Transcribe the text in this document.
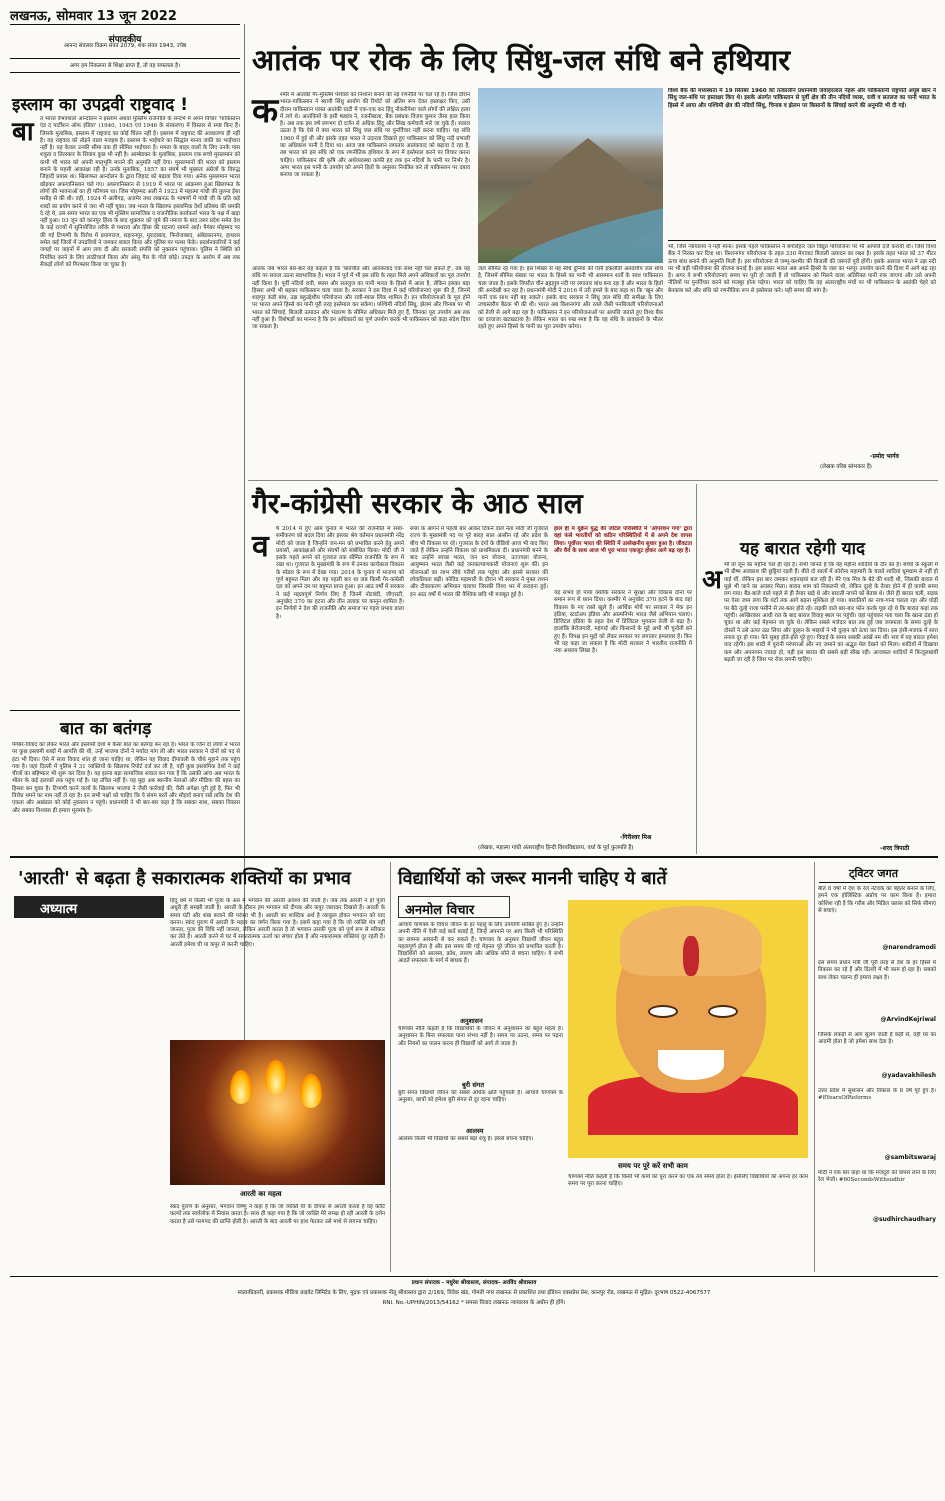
लखनऊ, सोमवार 13 जून 2022
संपादकीय
आनन्द संवत्सर विक्रम संवत 2079, शक संवत 1943, ज्येष्ठ
अगर हम निकलना से शिक्षा प्राप्त हैं, तो वह सफलता है।
इस्लाम का उपद्रवी राष्ट्रवाद !
बा त भारत वैभवशाल आन्दोलन ने इस्लाम अथवा मुस्लिम राजनीति के सन्दर्भ में अपने विचार 'पाकिस्तान एंड द पार्टीशन ऑफ इंडिया' (1940, 1945 एवं 1946 के संस्करण) में विस्तार से स्पष्ट किए हैं। जिसके मुताबिक, इस्लाम में राष्ट्रवाद का कोई चिंतन नहीं है। इस्लाम में राष्ट्रवाद की अवधारणा ही नहीं है। यह राष्ट्रवाद को तोड़ने वाला मजहब है। इस्लाम के भाईचारे का सिद्धांत मानव जाति का भाईचारा नहीं है। यह केवल उनकी सीमा तक ही सीमित भाईचारा है। ममता के बाहर वालों के लिए उनके पास शत्रुता व तिरस्कार के सिवाय कुछ भी नहीं है। आम्बेडकर के मुताबिक, इस्लाम एक सच्चे मुसलमान को कभी भी भारत को अपनी मातृभूमि मानने की अनुमति नहीं देगा। मुसलमानों की भारत को इस्लाम बनाने के महत्ती आकांक्षा रही है। उनके मुताबिक, 1857 का संघर्ष भी मुख्यतः अंग्रेजों के विरुद्ध जिहादी प्रयास था। खिलाफत आन्दोलन के द्वारा जिहाद को बढ़ावा दिया गया। अनेक मुसलमान भारत छोड़कर अफगानिस्तान चले गए। अफगानिस्तान से 1919 में भारत पर आक्रमण हुआ खिलाफत के लोगों की भावनाओं का ही परिणाम था। जिस मोहम्मद अली ने 1923 में महात्मा गांधी की तुलना ईसा मसीह से की थी। वही, 1924 में अलीगढ़, अजमेर तथा लखनऊ के भाषणों में गांधी जी के प्रति कड़े शब्दों का प्रयोग करने से जरा भी नहीं चूका। जब भारत के खिलाफ इस्लामिक देशों प्रतिबंध की धमकी दे रहे थे, उस समय भारत का एक भी मुस्लिम सामाजिक व राजनीतिक कार्यकर्ता भारत के पक्ष में खड़ा नहीं हुआ। 03 जून को कानपुर हिंसा के बाद शुक्रवार को जुमे की नमाज के बाद उत्तर प्रदेश समेत देश के कई राज्यों में सुनियोजित तरीके से पथराव और हिंसा की घटनाएं सामने आईं। पैगंबर मोहम्मद पर की गई टिप्पणी के विरोध में प्रयागराज, सहारनपुर, मुरादाबाद, फिरोजाबाद, अंबेडकरनगर, हाथरस समेत कई जिलों में उपद्रवियों ने जमकर बवाल किया और पुलिस पर पत्थर फेंके। प्रदर्शनकारियों ने कई जगहों पर वाहनों में आग लगा दी और सरकारी संपत्ति को नुकसान पहुंचाया। पुलिस ने स्थिति को नियंत्रित करने के लिए लाठीचार्ज किया और आंसू गैस के गोले छोड़े। उपद्रव के आरोप में अब तक सैकड़ों लोगों को गिरफ्तार किया जा चुका है।
बात का बतंगड़
पैगंबर-विवाद को लेकर भारत और इस्लामी देशों में कैसा बात का बतंगड़ बन रहा है। भारत के जिन दो लोगों ने भारत पर कुछ इस्लामी शब्दों में आपत्ति की थी, उन्हें भाजपा दोनों ने मर्यादा मांग ली और भारत सरकार ने दोनों को पद से हटा भी दिया। ऐसे में सारा विवाद शांत हो जाना चाहिए था, लेकिन यह विवाद दीपावली के चौथे मुहाने तक पहुंच गया है। जहां दिल्ली में पुलिस ने 31 व्यक्तियों के खिलाफ रिपोर्ट दर्ज कर ली है, वहीं कुछ इस्लामिक देशों ने कई चीजों का बहिष्कार भी शुरू कर दिया है। यह इतना बड़ा सामाजिक सवाल बन गया है कि उसकी आंच अब भारत के भीतर के कई इलाकों तक पहुंच गई है। यह उचित नहीं है। यह मुद्दा अब स्थानीय नेताओं और मीडिया की बहस का हिस्सा बन चुका है। टिप्पणी करने वालों के खिलाफ भाजपा ने जैसी कार्रवाई की, वैसी अपेक्षा पूरी हुई है, फिर भी विरोध थमने का नाम नहीं ले रहा है। इन सभी पक्षों को चाहिए कि वे संयम बरतें और सौहार्द बनाए रखें ताकि देश की एकता और अखंडता को कोई नुकसान न पहुंचे। प्रधानमंत्री ने भी बार-बार कहा है कि सबका साथ, सबका विकास और सबका विश्वास ही हमारा मूलमंत्र है।
आतंक पर रोक के लिए सिंधु-जल संधि बने हथियार
क श्मीर में आतंकी गैर-मुस्लिम पेशेवरों को निशाना बनाने की नई रणनीति पर चल रहे हैं। जिस दौरान भारत-पाकिस्तान ने स्थायी सिंधु आयोग की रिपोर्ट को अंतिम रूप देकर हस्ताक्षर किए, उसी दौरान पाकिस्तान परस्त आतंकी घाटी में एक-एक कर हिंदू नौकरीपेशा वाले लोगों की लक्षित हत्या में लगे थे। आतंकियों के इसी षड्यंत्र ने, रजनीबाला, बैंक प्रबंधक विजय कुमार जैसा हाल किया है। अब तक इस वर्ष लगभग दो दर्जन से अधिक हिंदू और सिख कर्मचारी मारे जा चुके हैं। सवाल उठता है कि ऐसे में क्या भारत को सिंधु जल संधि पर पुनर्विचार नहीं करना चाहिए। यह संधि 1960 में हुई थी और इसके तहत भारत ने उदारता दिखाते हुए पाकिस्तान को सिंधु नदी प्रणाली का अधिकांश पानी दे दिया था। आज जब पाकिस्तान लगातार आतंकवाद को बढ़ावा दे रहा है, तब भारत को इस संधि को एक रणनीतिक हथियार के रूप में इस्तेमाल करने पर विचार करना चाहिए। पाकिस्तान की कृषि और अर्थव्यवस्था काफी हद तक इन नदियों के पानी पर निर्भर है। अगर भारत इस पानी के उपयोग को अपने हितों के अनुसार नियंत्रित करे तो पाकिस्तान पर दबाव बनाया जा सकता है।
आतंक जब भारत बार-बार यह कहता है कि 'बातचीत और आतंकवाद एक साथ नहीं चल सकते हैं', तब यह संधि पर सवाल उठना स्वाभाविक है। भारत ने पूर्व में भी इस संधि के तहत मिले अपने अधिकारों का पूरा उपयोग नहीं किया है। पूर्वी नदियों रावी, ब्यास और सतलुज का पानी भारत के हिस्से में आता है, लेकिन इसका बड़ा हिस्सा अभी भी बहकर पाकिस्तान चला जाता है। सरकार ने इस दिशा में कई परियोजनाएं शुरू की हैं, जिनमें शाहपुर कंडी बांध, उझ बहुउद्देशीय परियोजना और रावी-ब्यास लिंक शामिल हैं। इन परियोजनाओं के पूरा होने पर भारत अपने हिस्से का पानी पूरी तरह इस्तेमाल कर सकेगा। पश्चिमी नदियों सिंधु, झेलम और चिनाब पर भी भारत को सिंचाई, बिजली उत्पादन और भंडारण के सीमित अधिकार मिले हुए हैं, जिनका पूरा उपयोग अब तक नहीं हुआ है। विशेषज्ञों का मानना है कि इन अधिकारों का पूर्ण उपयोग करके भी पाकिस्तान को कड़ा संदेश दिया जा सकता है।
जल सीमित रह गया है। इस शिखर से यह संधि दुनिया की ऐसी इकलौती अंतर्देशीय जल संधि है, जिसमें सीमित संख्या पर भारत के हिस्से का पानी भी आसमान शर्तों के साथ पाकिस्तान चला जाता है। इसके विपरीत चीन ब्रह्मपुत्र नदी पर लगातार बांध बना रहा है और भारत के हितों की अनदेखी कर रहा है। प्रधानमंत्री मोदी ने 2016 में उरी हमले के बाद कहा था कि 'खून और पानी एक साथ नहीं बह सकते'। इसके बाद सरकार ने सिंधु जल संधि की समीक्षा के लिए उच्चस्तरीय बैठक भी की थी। भारत अब किशनगंगा और रतले जैसी पनबिजली परियोजनाओं को तेजी से आगे बढ़ा रहा है। पाकिस्तान ने इन परियोजनाओं पर आपत्ति जताते हुए विश्व बैंक का दरवाजा खटखटाया है। लेकिन भारत का रुख स्पष्ट है कि वह संधि के प्रावधानों के भीतर रहते हुए अपने हिस्से के पानी का पूरा उपयोग करेगा।
विश्व बैंक की मध्यस्थता में 19 सितंबर 1960 को तत्कालीन प्रधानमंत्री जवाहरलाल नेहरू और पाकिस्तानी राष्ट्रपति अयूब खान ने सिंधु जल-संधि पर हस्ताक्षर किए थे। इसके अंतर्गत पाकिस्तान से पूर्वी क्षेत्र की तीन नदियों व्यास, रावी व सतलज का पानी भारत के हिस्से में आया और पश्चिमी क्षेत्र की नदियों सिंधु, चिनाब व झेलम पर किसानों के सिंचाई करने की अनुमति भी दी गई।
भी, जिसे न्यायालय ने नहीं माना। इसके पहले पाकिस्तान ने बगलिहार जल विद्युत परियोजना पर भी आपत्ति दर्ज करायी थी। जिसे विश्व बैंक ने निरस्त कर दिया था। किशनगंगा परियोजना के तहत 330 मेगावाट बिजली उत्पादन का लक्ष्य है। इसके तहत भारत को 37 मीटर ऊंचा बांध बनाने की अनुमति मिली है। इस परियोजना से जम्मू-कश्मीर की बिजली की जरूरतें पूरी होंगी। इसके अलावा भारत ने उझ नदी पर भी बड़ी परियोजना की योजना बनाई है। इस प्रकार भारत अब अपने हिस्से के जल का भरपूर उपयोग करने की दिशा में आगे बढ़ रहा है। अगर ये सभी परियोजनाएं समय पर पूरी हो जाती हैं तो पाकिस्तान को मिलने वाला अतिरिक्त पानी रुक जाएगा और उसे अपनी नीतियों पर पुनर्विचार करने को मजबूर होना पड़ेगा। भारत को चाहिए कि वह अंतरराष्ट्रीय मंचों पर भी पाकिस्तान के आतंकी चेहरे को बेनकाब करे और संधि को रणनीतिक रूप से इस्तेमाल करे। यही समय की मांग है।
-प्रमोद भार्गव
(लेखक वरिष्ठ स्तंभकार हैं)
गैर-कांग्रेसी सरकार के आठ साल
व र्ष 2014 में हुए आम चुनाव में भारत की राजनीति में सत्ता-समीकरण को बदल दिया और इसका श्रेय वर्तमान प्रधानमंत्री नरेंद्र मोदी को जाता है जिन्होंने जन-मन को प्रभावित करने हेतु अपने प्रयासों, आकांक्षाओं और संघर्षों को संबोधित किया। मोदी जी ने इसके पहले अपने को गुजरात तक सीमित राजनीति के रूप में रखा था। गुजरात के मुख्यमंत्री के रूप में उनका कार्यकाल विकास के मॉडल के रूप में देखा गया। 2014 के चुनाव में भाजपा को पूर्ण बहुमत मिला और यह पहली बार था जब किसी गैर-कांग्रेसी दल को अपने दम पर बहुमत प्राप्त हुआ। इन आठ वर्षों में सरकार ने कई महत्वपूर्ण निर्णय लिए हैं जिनमें नोटबंदी, जीएसटी, अनुच्छेद 370 का हटना और तीन तलाक पर कानून शामिल हैं। इन निर्णयों ने देश की राजनीति और समाज पर गहरा प्रभाव डाला है।
सत्ता के आंगन में पहली बार आकर टिकने वाले नेता मोदी जी गुजरात राज्य के मुख्यमंत्री पद पर पूरे बारह साल आसीन रहे और प्रदेश के बीच भी विकास पर रहे। गुजरात के दंगों के वीडियो आज भी याद किए जाते हैं लेकिन उन्होंने विकास को प्राथमिकता दी। प्रधानमंत्री बनने के बाद उन्होंने स्वच्छ भारत, जन धन योजना, उज्ज्वला योजना, आयुष्मान भारत जैसी कई जनकल्याणकारी योजनाएं शुरू कीं। इन योजनाओं का लाभ सीधे गरीबों तक पहुंचा और इससे सरकार की लोकप्रियता बढ़ी। कोविड महामारी के दौरान भी सरकार ने मुफ्त राशन और टीकाकरण अभियान चलाया जिसकी विश्व भर में सराहना हुई। इन आठ वर्षों में भारत की वैश्विक छवि भी मजबूत हुई है।
हाल ही में यूक्रेन युद्ध की जटिल परिस्थिति में 'ऑपरेशन गंगा' द्वारा वहां फंसे भारतीयों को कठिन परिस्थितियों में से अपने देश वापस लिया। पूर्वोत्तर भारत की स्थिति में उल्लेखनीय सुधार हुआ है। जीवटता और धैर्य के साथ आज भी पूरा भारत एकजुट होकर आगे बढ़ रहा है।
यह संभव हो पाया क्योंकि सरकार ने सुरक्षा और विकास दोनों पर समान रूप से ध्यान दिया। कश्मीर में अनुच्छेद 370 हटने के बाद वहां विकास के नए रास्ते खुले हैं। आर्थिक मोर्चे पर सरकार ने मेक इन इंडिया, स्टार्टअप इंडिया और आत्मनिर्भर भारत जैसे अभियान चलाए। डिजिटल इंडिया के तहत देश में डिजिटल भुगतान तेजी से बढ़ा है। हालांकि बेरोजगारी, महंगाई और किसानों के मुद्दे अभी भी चुनौती बने हुए हैं। विपक्ष इन मुद्दों को लेकर सरकार पर लगातार हमलावर है। फिर भी यह कहा जा सकता है कि मोदी सरकार ने भारतीय राजनीति में नया अध्याय लिखा है।
-गिरीश्वर मिश्र
(लेखक, महात्मा गांधी अंतरराष्ट्रीय हिन्दी विश्वविद्यालय, वर्धा के पूर्व कुलपति हैं)
यह बारात रहेगी याद
अ भी तो जून का महीना चल ही रहा है। सभी जानते हैं कि यह महीना शादियों के दौर का है। बच्चों के स्कूलों में भी ग्रीष्म अवकाश की छुट्टियां रहती हैं। बीते दो सालों में कोरोना महामारी के चलते शादियां धूमधाम से नहीं हो पाई थीं, लेकिन इस बार जमकर शहनाइयां बज रही हैं। मेरे एक मित्र के बेटे की शादी थी, जिसकी बारात में मुझे भी जाने का अवसर मिला। बारात शाम को निकलनी थी, लेकिन दूल्हे के तैयार होने में ही काफी समय लग गया। बैंड-बाजे वाले पहले से ही तैयार खड़े थे और बाराती नाचने को बेताब थे। जैसे ही बारात चली, सड़क पर ऐसा जाम लगा कि घंटों तक आगे बढ़ना मुश्किल हो गया। बारातियों का नाच-गाना चलता रहा और घोड़ी पर बैठे दूल्हे राजा पसीने से तर-बतर होते रहे। लड़की वाले बार-बार फोन करके पूछ रहे थे कि बारात कहां तक पहुंची। आखिरकार आधी रात के बाद बारात विवाह स्थल पर पहुंची। वहां पहुंचकर पता चला कि खाना ठंडा हो चुका था और कई मेहमान जा चुके थे। लेकिन सबसे मजेदार बात तब हुई जब जयमाला के समय दूल्हे के दोस्तों ने उसे ऊपर उठा लिया और दुल्हन के भाइयों ने भी दुल्हन को ऊंचा कर दिया। इस हंसी-मजाक में सारा तनाव दूर हो गया। फेरे सुबह होते-होते पूरे हुए। विदाई के समय सबकी आंखें नम थीं। सच में यह बारात हमेशा याद रहेगी। इस शादी में पुरानी परंपराओं और नए जमाने का अद्भुत मेल देखने को मिला। शादियों में दिखावा कम और अपनापन ज्यादा हो, यही इस बारात की सबसे बड़ी सीख रही। आजकल शादियों में फिजूलखर्ची बढ़ती जा रही है जिस पर रोक लगनी चाहिए।
-शरद त्रिपाठी
'आरती' से बढ़ता है सकारात्मक शक्तियों का प्रभाव
अध्यात्म
हिंदू धर्म में किसी भी पूजा के अंत में भगवान की आरती अवश्य की जाती है। जब तक आरती न हो पूजा अधूरी ही समझी जाती है। आरती के दौरान हम भगवान को दीपक और कपूर जलाकर दिखाते हैं। आरती के समय घंटी और शंख बजाने की परंपरा भी है। आरती का शाब्दिक अर्थ है व्याकुल होकर भगवान को याद करना। स्कंद पुराण में आरती के महत्व का वर्णन किया गया है। इसमें कहा गया है कि जो व्यक्ति मंत्र नहीं जानता, पूजा की विधि नहीं जानता, लेकिन आरती करता है तो भगवान उसकी पूजा को पूर्ण रूप से स्वीकार कर लेते हैं। आरती करने से घर में सकारात्मक ऊर्जा का संचार होता है और नकारात्मक शक्तियां दूर रहती हैं। आरती हमेशा घी या कपूर से करनी चाहिए।
आरती का महत्व
स्कंद पुराण के अनुसार, भगवान विष्णु ने कहा है कि जो व्यक्ति घी के दीपक से आरती करता है वह कोटि कल्पों तक स्वर्गलोक में निवास करता है। साथ ही कहा गया है कि जो व्यक्ति मेरे समक्ष हो रही आरती के दर्शन करता है उसे परमपद की प्राप्ति होती है। आरती के बाद आरती पर हाथ फेरकर उसे माथे से लगाना चाहिए।
विद्यार्थियों को जरूर माननी चाहिए ये बातें
अनमोल विचार
आचार्य चाणक्य के विचार जीवन के हर पहलू के लिए उपयोगी साबित हुए हैं। उन्होंने अपनी नीति में ऐसी कई बातें बताई हैं, जिन्हें अपनाने पर आप किसी भी परिस्थिति का सामना आसानी से कर सकते हैं। चाणक्य के अनुसार विद्यार्थी जीवन बहुत महत्वपूर्ण होता है और इस समय की गई मेहनत पूरे जीवन को प्रभावित करती है। विद्यार्थियों को आलस्य, क्रोध, लालच और अधिक सोने से बचना चाहिए। ये सभी आदतें सफलता के मार्ग में बाधक हैं।
अनुशासन
चाणक्य नीति कहती है कि विद्यार्थियों के जीवन में अनुशासन का बहुत महत्व है। अनुशासन के बिना सफलता पाना संभव नहीं है। समय पर उठना, समय पर पढ़ना और नियमों का पालन करना ही विद्यार्थी को आगे ले जाता है।
बुरी संगत
बुरी संगत विद्यार्थी जीवन को सबसे अधिक क्षति पहुंचाती है। आचार्य चाणक्य के अनुसार, छात्रों को हमेशा बुरी संगत से दूर रहना चाहिए।
आलस्य
आलस्य किसी भी विद्यार्थी का सबसे बड़ा शत्रु है। इससे बचना चाहिए।
समय पर पूरे करें सभी काम
चाणक्य नीति कहती है कि किसी भी कार्य को पूरा करने का एक तय समय होता है। इसलिए विद्यार्थियों को अपना हर काम समय पर पूरा करना चाहिए।
ट्विटर जगत
बीते 8 वर्षों में देश के रेल नेटवर्क को बेहतर बनाने के लिए, हमने एक होलिस्टिक अप्रोच पर काम किया है। हमारा कोशिश रही है कि गरीब और मिडिल क्लास को सिर्फ सीमाएं से बचाएं।
@narendramodi
इस समय प्रधान मंत्री जी पूरी तरह से देश के हर हिस्से में विकास कर रहे हैं और दिल्ली में भी काम हो रहा है। सबको साथ लेकर चलना ही हमारा लक्ष्य है।
@ArvindKejriwal
जिसके लकड़ी से आग सुलग जाती है कहीं से, वही घर का आदमी होता है जो हमेशा साथ देता है।
@yadavakhilesh
उत्तर प्रदेश में सुशासन और विकास के 8 वर्ष पूरे हुए हैं। #8YearsOfReforms
@sambitswaraj
मोदी ने एक बार कहा था कि मजदूरों को वापस लाने के लिए रेल भेजो। #60SecondsWithsudhir
@sudhirchaudhary
प्रधान संपादक - मधुरेश श्रीवास्तव, संपादक- अरविंद श्रीवास्तव
स्वत्वाधिकारी, प्रकाशक मीडिया प्राइवेट लिमिटेड के लिए, मुद्रक एवं प्रकाशक नीतू श्रीवास्तव द्वारा 2/169, विवेक खंड, गोमती नगर लखनऊ से प्रकाशित तथा इंडियन एक्सप्रेस प्रेस, कानपुर रोड, लखनऊ से मुद्रित। दूरभाष 0522-4067577
RNI. No.-UPHIN/2013/54162 * समस्त विवाद लखनऊ न्यायालय के अधीन ही होंगे।
